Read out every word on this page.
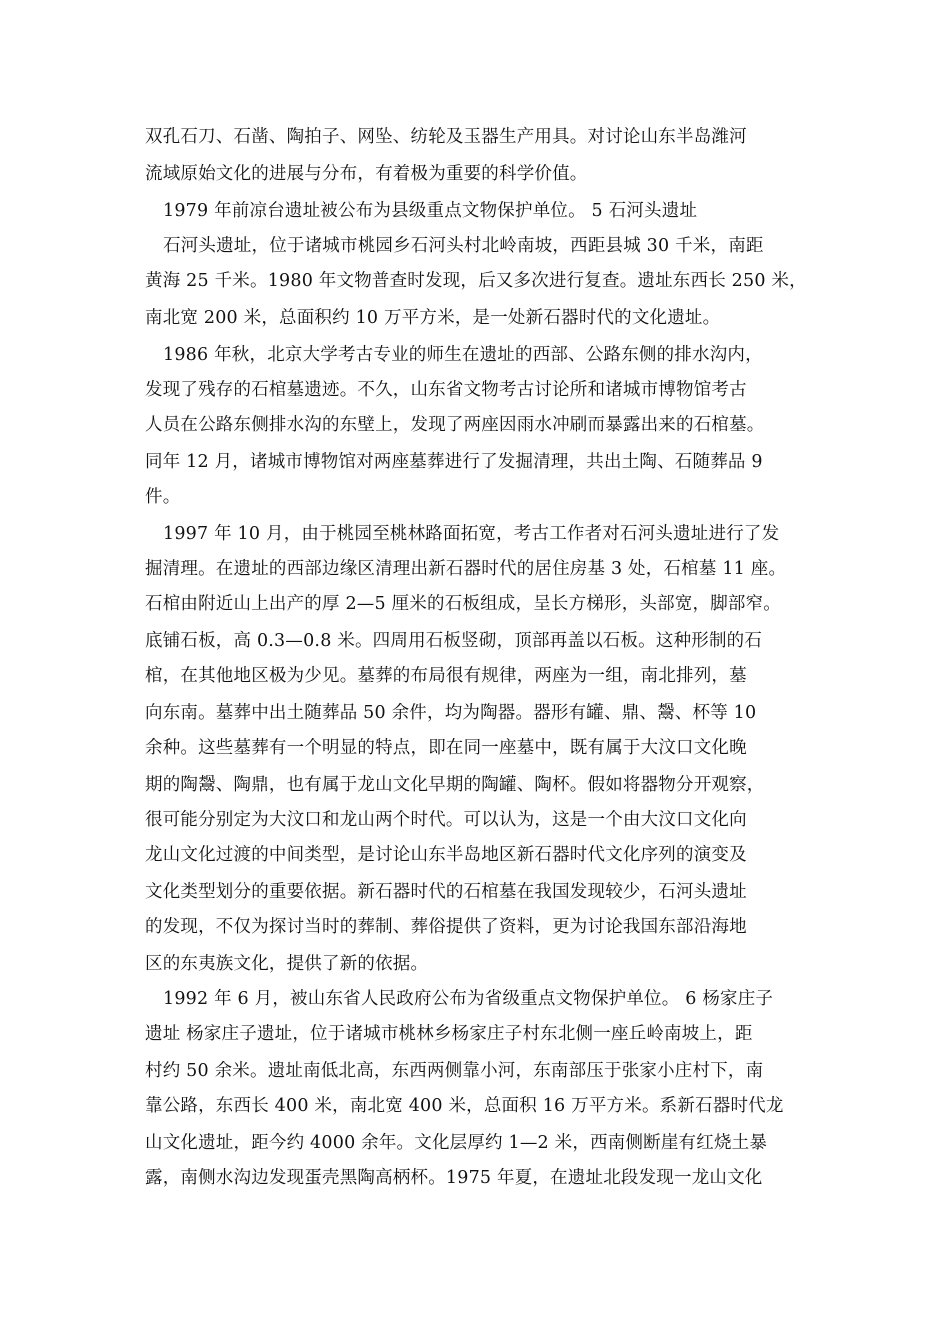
双孔石刀、石凿、陶拍子、网坠、纺轮及玉器生产用具。对讨论山东半岛潍河
流域原始文化的进展与分布，有着极为重要的科学价值。
1979 年前凉台遗址被公布为县级重点文物保护单位。 5 石河头遗址
石河头遗址，位于诸城市桃园乡石河头村北岭南坡，西距县城 30 千米，南距
黄海 25 千米。1980 年文物普查时发现，后又多次进行复查。遗址东西长 250 米，
南北宽 200 米，总面积约 10 万平方米，是一处新石器时代的文化遗址。
1986 年秋，北京大学考古专业的师生在遗址的西部、公路东侧的排水沟内，
发现了残存的石棺墓遗迹。不久，山东省文物考古讨论所和诸城市博物馆考古
人员在公路东侧排水沟的东壁上，发现了两座因雨水冲刷而暴露出来的石棺墓。
同年 12 月，诸城市博物馆对两座墓葬进行了发掘清理，共出土陶、石随葬品 9
件。
1997 年 10 月，由于桃园至桃林路面拓宽，考古工作者对石河头遗址进行了发
掘清理。在遗址的西部边缘区清理出新石器时代的居住房基 3 处，石棺墓 11 座。
石棺由附近山上出产的厚 2—5 厘米的石板组成，呈长方梯形，头部宽，脚部窄。
底铺石板，高 0.3—0.8 米。四周用石板竖砌，顶部再盖以石板。这种形制的石
棺，在其他地区极为少见。墓葬的布局很有规律，两座为一组，南北排列，墓
向东南。墓葬中出土随葬品 50 余件，均为陶器。器形有罐、鼎、鬶、杯等 10
余种。这些墓葬有一个明显的特点，即在同一座墓中，既有属于大汶口文化晚
期的陶鬶、陶鼎，也有属于龙山文化早期的陶罐、陶杯。假如将器物分开观察，
很可能分别定为大汶口和龙山两个时代。可以认为，这是一个由大汶口文化向
龙山文化过渡的中间类型，是讨论山东半岛地区新石器时代文化序列的演变及
文化类型划分的重要依据。新石器时代的石棺墓在我国发现较少，石河头遗址
的发现，不仅为探讨当时的葬制、葬俗提供了资料，更为讨论我国东部沿海地
区的东夷族文化，提供了新的依据。
1992 年 6 月，被山东省人民政府公布为省级重点文物保护单位。 6 杨家庄子
遗址 杨家庄子遗址，位于诸城市桃林乡杨家庄子村东北侧一座丘岭南坡上，距
村约 50 余米。遗址南低北高，东西两侧靠小河，东南部压于张家小庄村下，南
靠公路，东西长 400 米，南北宽 400 米，总面积 16 万平方米。系新石器时代龙
山文化遗址，距今约 4000 余年。文化层厚约 1—2 米，西南侧断崖有红烧土暴
露，南侧水沟边发现蛋壳黑陶高柄杯。1975 年夏，在遗址北段发现一龙山文化
